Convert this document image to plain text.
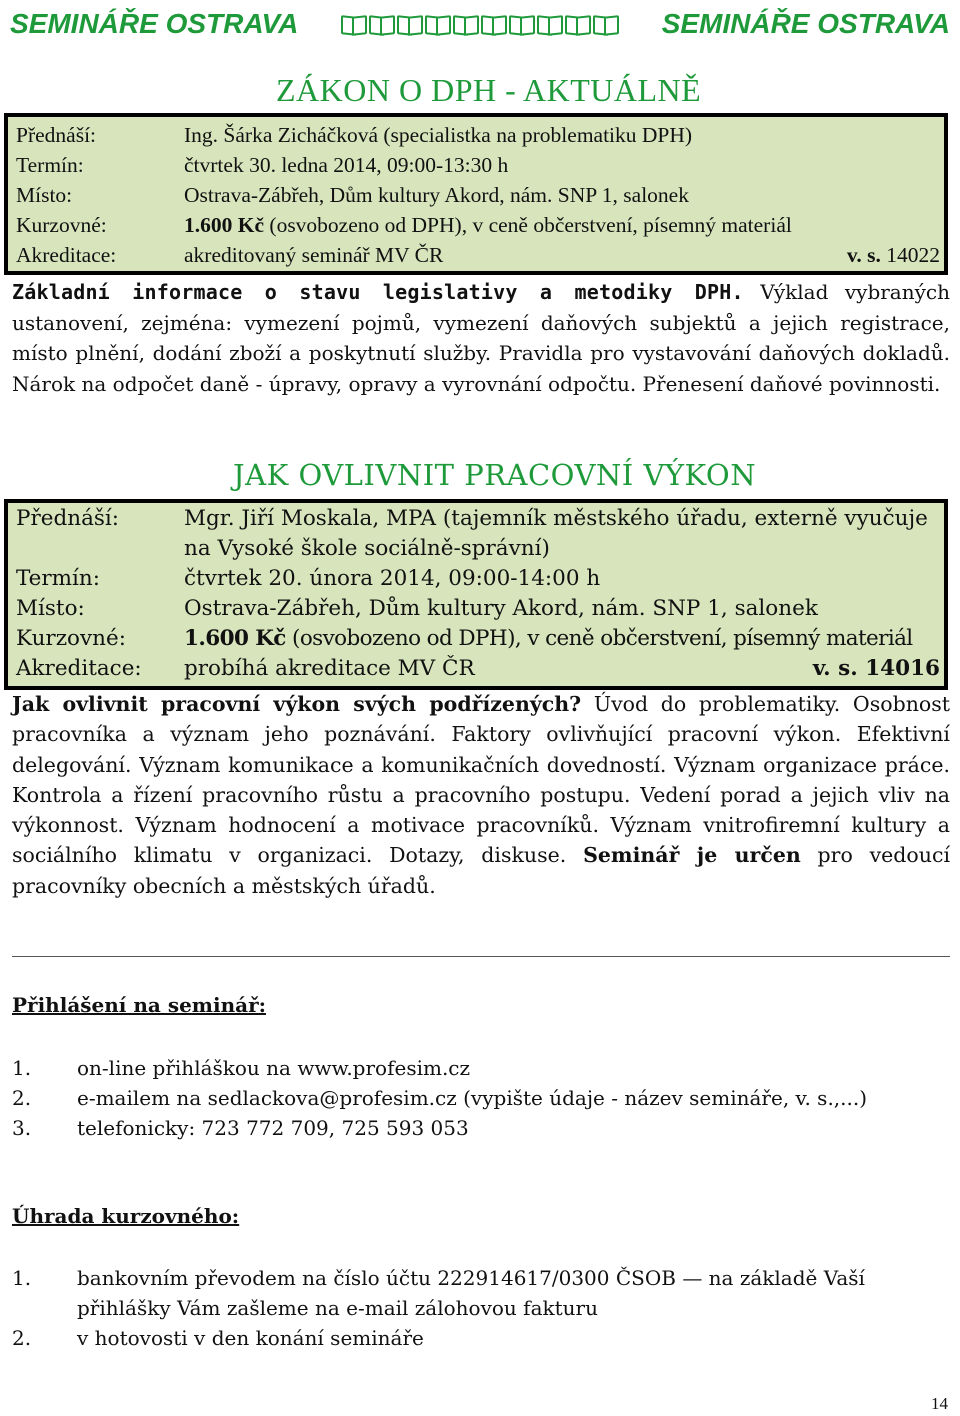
SEMINÁŘE OSTRAVA	SEMINÁŘE OSTRAVA
ZÁKON O DPH - AKTUÁLNĚ
Přednáší:	Ing. Šárka Zicháčková (specialistka na problematiku DPH)
Termín:	čtvrtek 30. ledna 2014, 09:00-13:30 h
Místo:	Ostrava-Zábřeh, Dům kultury Akord, nám. SNP 1, salonek
Kurzovné:	1.600 Kč (osvobozeno od DPH), v ceně občerstvení, písemný materiál
Akreditace:	akreditovaný seminář MV ČR	v. s. 14022
Základní informace o stavu legislativy a metodiky DPH. Výklad vybraných ustanovení, zejména: vymezení pojmů, vymezení daňových subjektů a jejich registrace, místo plnění, dodání zboží a poskytnutí služby. Pravidla pro vystavování daňových dokladů. Nárok na odpočet daně - úpravy, opravy a vyrovnání odpočtu. Přenesení daňové povinnosti.
JAK OVLIVNIT PRACOVNÍ VÝKON
Přednáší:	Mgr. Jiří Moskala, MPA (tajemník městského úřadu, externě vyučuje na Vysoké škole sociálně-správní)
Termín:	čtvrtek 20. února 2014, 09:00-14:00 h
Místo:	Ostrava-Zábřeh, Dům kultury Akord, nám. SNP 1, salonek
Kurzovné:	1.600 Kč (osvobozeno od DPH), v ceně občerstvení, písemný materiál
Akreditace:	probíhá akreditace MV ČR	v. s. 14016
Jak ovlivnit pracovní výkon svých podřízených? Úvod do problematiky. Osobnost pracovníka a význam jeho poznávání. Faktory ovlivňující pracovní výkon. Efektivní delegování. Význam komunikace a komunikačních dovedností. Význam organizace práce. Kontrola a řízení pracovního růstu a pracovního postupu. Vedení porad a jejich vliv na výkonnost. Význam hodnocení a motivace pracovníků. Význam vnitrofiremní kultury a sociálního klimatu v organizaci. Dotazy, diskuse. Seminář je určen pro vedoucí pracovníky obecních a městských úřadů.
Přihlášení na seminář:
1.	on-line přihláškou na www.profesim.cz
2.	e-mailem na sedlackova@profesim.cz (vypište údaje - název semináře, v. s.,...)
3.	telefonicky: 723 772 709, 725 593 053
Úhrada kurzovného:
1.	bankovním převodem na číslo účtu 222914617/0300 ČSOB — na základě Vaší přihlášky Vám zašleme na e-mail zálohovou fakturu
2.	v hotovosti v den konání semináře
14
